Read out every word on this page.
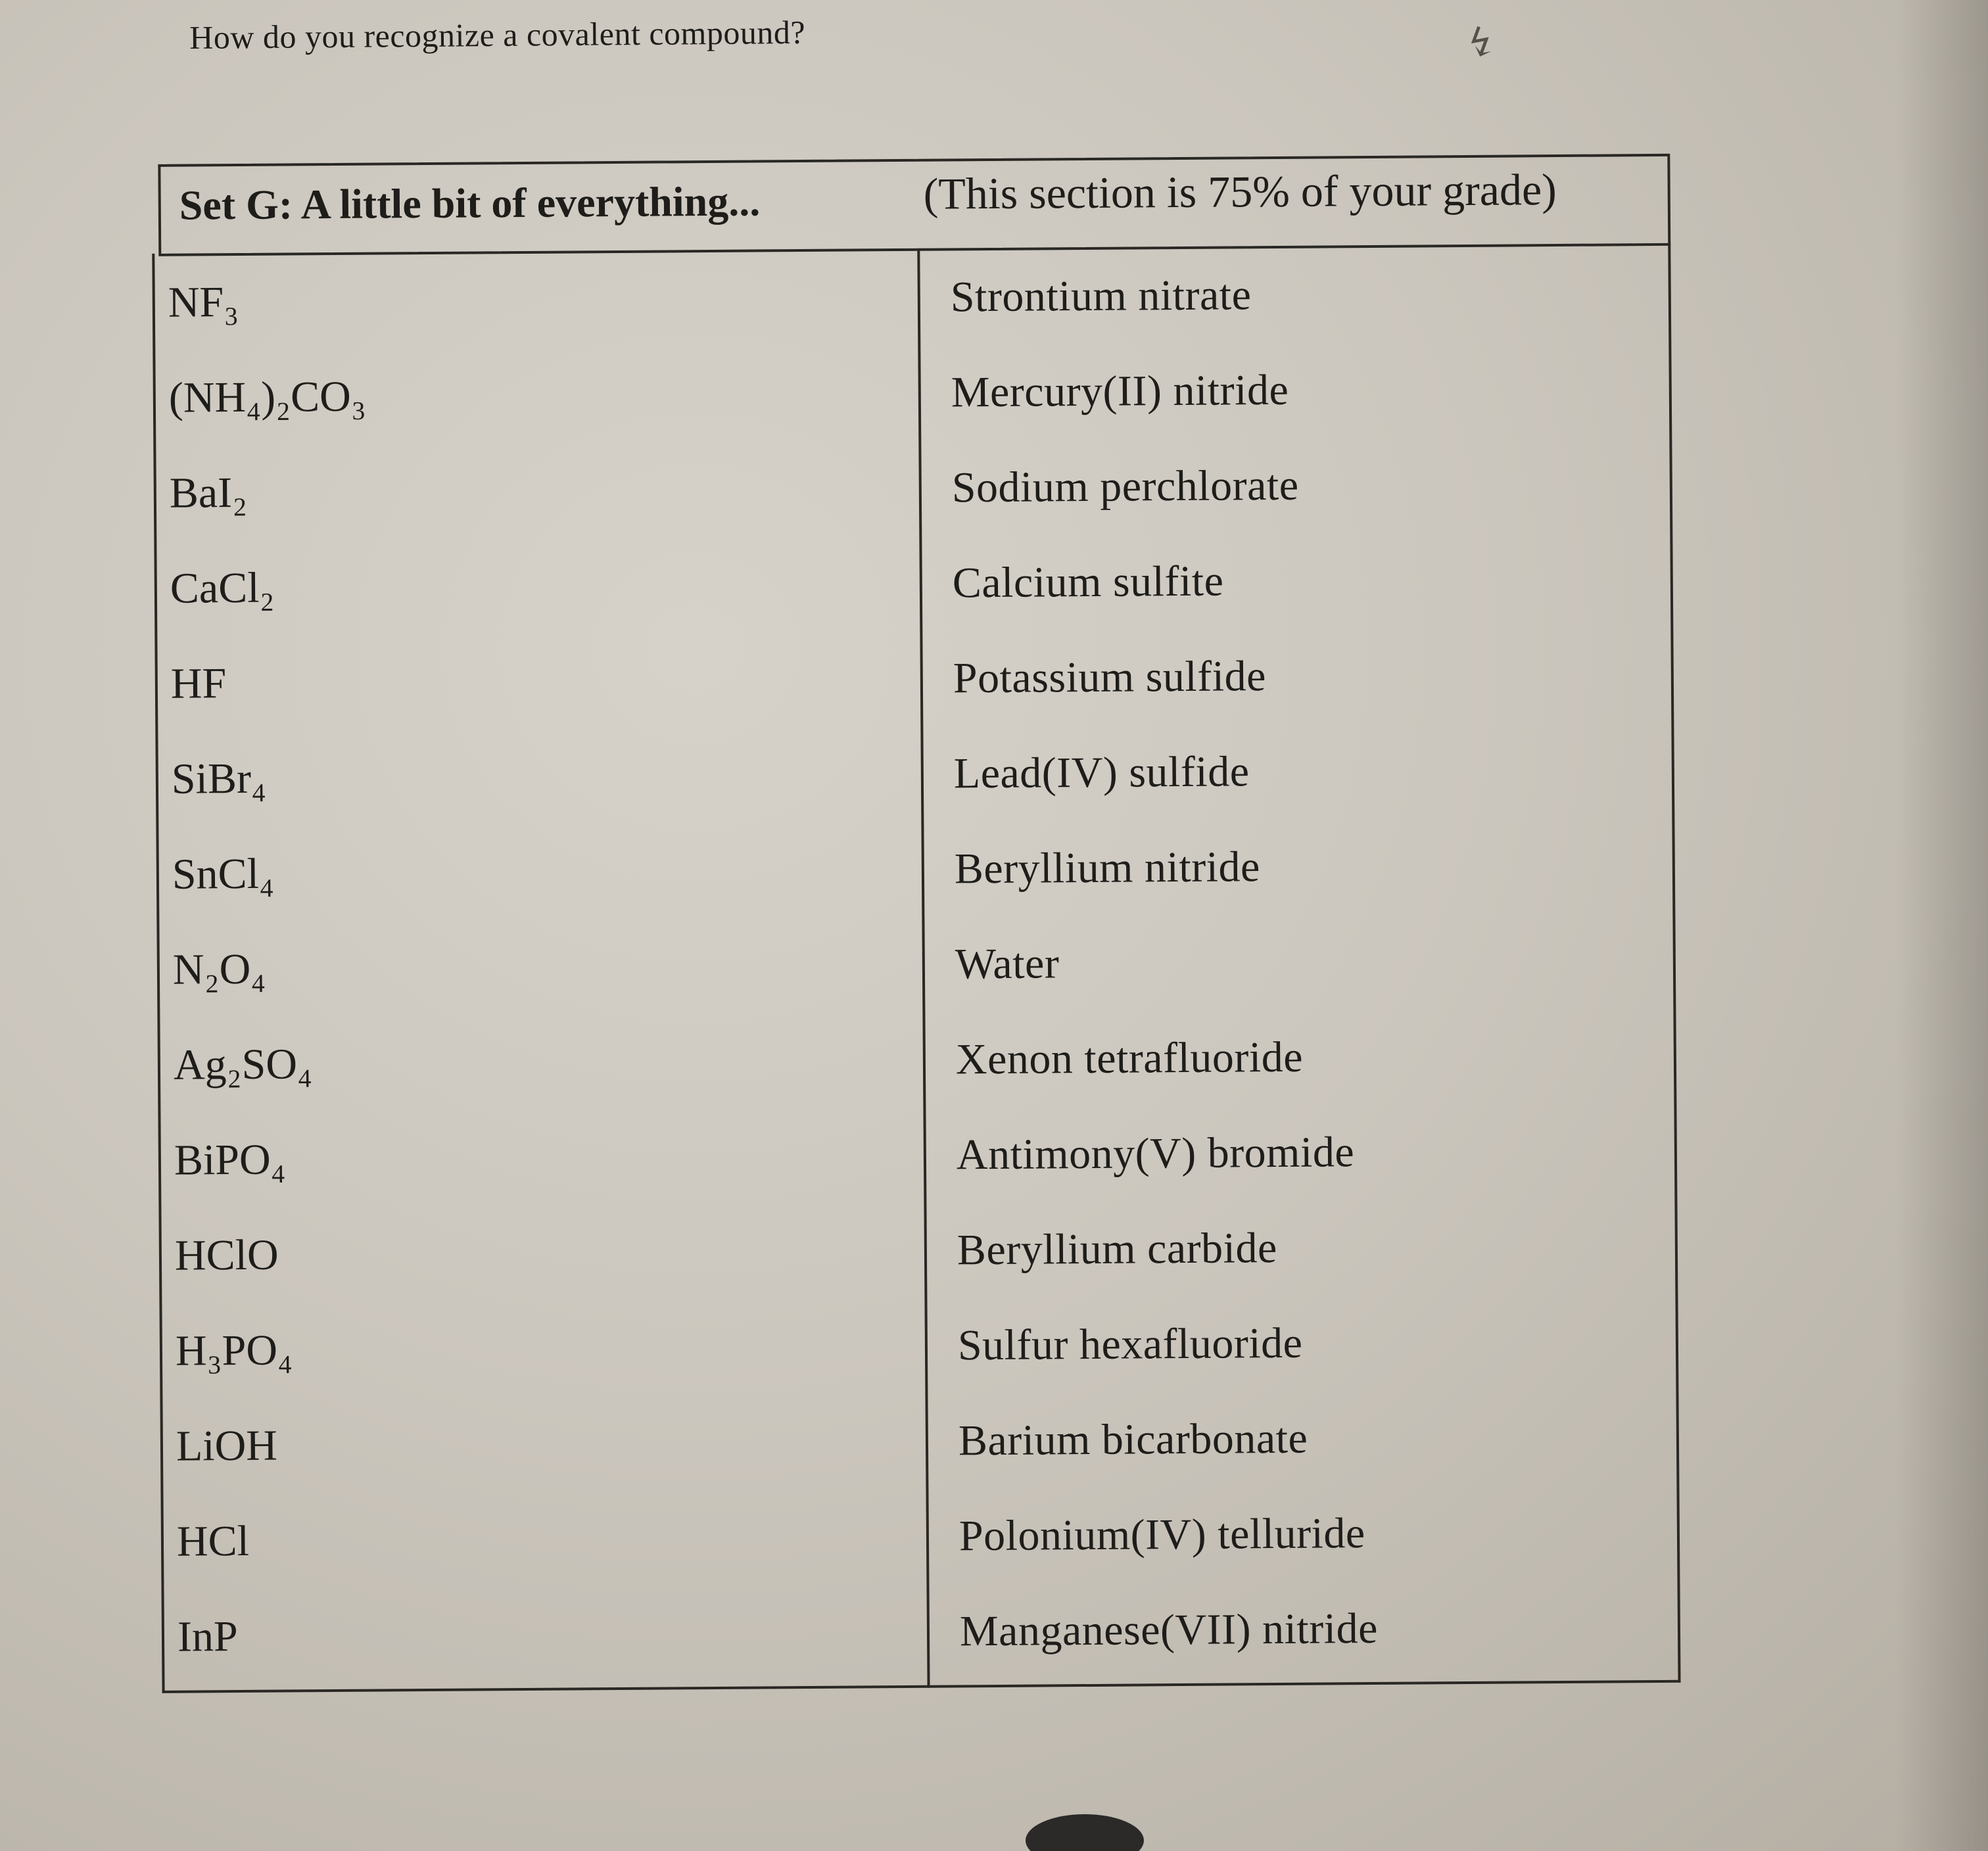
How do you recognize a covalent compound?	↯
Set G: A little bit of everything...	(This section is 75% of your grade)
NF₃
(NH₄)₂CO₃
BaI₂
CaCl₂
HF
SiBr₄
SnCl₄
N₂O₄
Ag₂SO₄
BiPO₄
HClO
H₃PO₄
LiOH
HCl
InP
Strontium nitrate
Mercury(II) nitride
Sodium perchlorate
Calcium sulfite
Potassium sulfide
Lead(IV) sulfide
Beryllium nitride
Water
Xenon tetrafluoride
Antimony(V) bromide
Beryllium carbide
Sulfur hexafluoride
Barium bicarbonate
Polonium(IV) telluride
Manganese(VII) nitride
